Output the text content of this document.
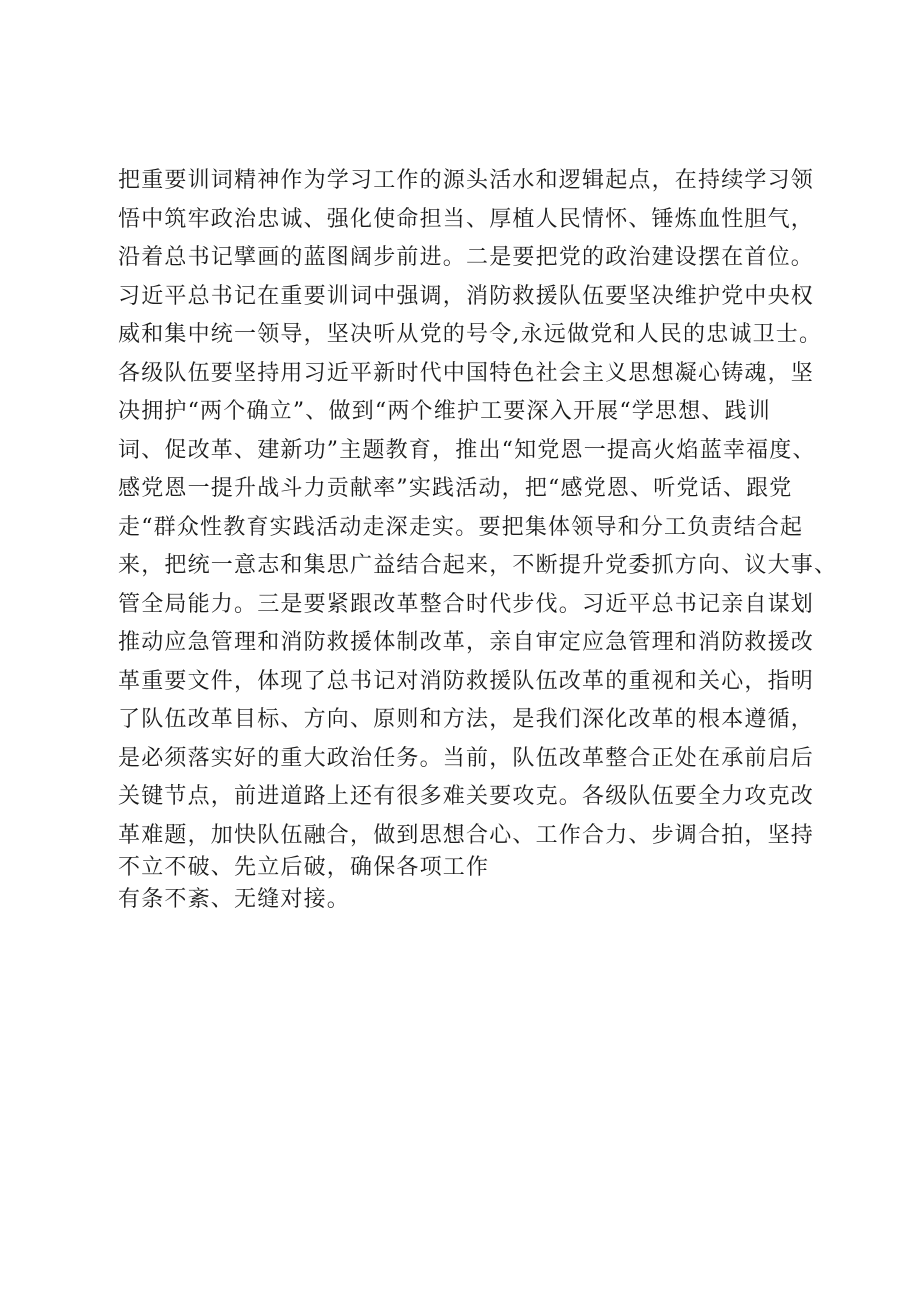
把重要训词精神作为学习工作的源头活水和逻辑起点，在持续学习领
悟中筑牢政治忠诚、强化使命担当、厚植人民情怀、锤炼血性胆气，
沿着总书记擘画的蓝图阔步前进。二是要把党的政治建设摆在首位。
习近平总书记在重要训词中强调，消防救援队伍要坚决维护党中央权
威和集中统一领导，坚决听从党的号令,永远做党和人民的忠诚卫士。
各级队伍要坚持用习近平新时代中国特色社会主义思想凝心铸魂，坚
决拥护“两个确立”、做到“两个维护工要深入开展“学思想、践训
词、促改革、建新功”主题教育，推出“知党恩一提高火焰蓝幸福度、
感党恩一提升战斗力贡献率”实践活动，把“感党恩、听党话、跟党
走“群众性教育实践活动走深走实。要把集体领导和分工负责结合起
来，把统一意志和集思广益结合起来，不断提升党委抓方向、议大事、
管全局能力。三是要紧跟改革整合时代步伐。习近平总书记亲自谋划
推动应急管理和消防救援体制改革，亲自审定应急管理和消防救援改
革重要文件，体现了总书记对消防救援队伍改革的重视和关心，指明
了队伍改革目标、方向、原则和方法，是我们深化改革的根本遵循，
是必须落实好的重大政治任务。当前，队伍改革整合正处在承前启后
关键节点，前进道路上还有很多难关要攻克。各级队伍要全力攻克改
革难题，加快队伍融合，做到思想合心、工作合力、步调合拍，坚持
不立不破、先立后破，确保各项工作
有条不紊、无缝对接。
